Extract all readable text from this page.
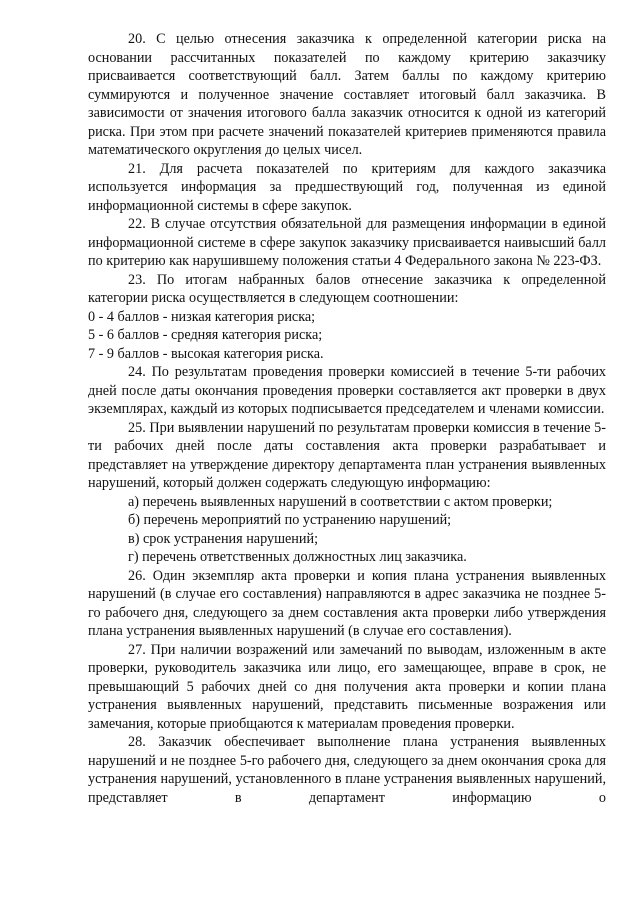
20. С целью отнесения заказчика к определенной категории риска на основании рассчитанных показателей по каждому критерию заказчику присваивается соответствующий балл. Затем баллы по каждому критерию суммируются и полученное значение составляет итоговый балл заказчика. В зависимости от значения итогового балла заказчик относится к одной из категорий риска. При этом при расчете значений показателей критериев применяются правила математического округления до целых чисел.

21. Для расчета показателей по критериям для каждого заказчика используется информация за предшествующий год, полученная из единой информационной системы в сфере закупок.

22. В случае отсутствия обязательной для размещения информации в единой информационной системе в сфере закупок заказчику присваивается наивысший балл по критерию как нарушившему положения статьи 4 Федерального закона № 223-ФЗ.

23. По итогам набранных балов отнесение заказчика к определенной категории риска осуществляется в следующем соотношении:

0 - 4 баллов - низкая категория риска;

5 - 6 баллов - средняя категория риска;

7 - 9 баллов - высокая категория риска.

24. По результатам проведения проверки комиссией в течение 5-ти рабочих дней после даты окончания проведения проверки составляется акт проверки в двух экземплярах, каждый из которых подписывается председателем и членами комиссии.

25. При выявлении нарушений по результатам проверки комиссия в течение 5-ти рабочих дней после даты составления акта проверки разрабатывает и представляет на утверждение директору департамента план устранения выявленных нарушений, который должен содержать следующую информацию:

а) перечень выявленных нарушений в соответствии с актом проверки;

б) перечень мероприятий по устранению нарушений;

в) срок устранения нарушений;

г) перечень ответственных должностных лиц заказчика.

26. Один экземпляр акта проверки и копия плана устранения выявленных нарушений (в случае его составления) направляются в адрес заказчика не позднее 5-го рабочего дня, следующего за днем составления акта проверки либо утверждения плана устранения выявленных нарушений (в случае его составления).

27. При наличии возражений или замечаний по выводам, изложенным в акте проверки, руководитель заказчика или лицо, его замещающее, вправе в срок, не превышающий 5 рабочих дней со дня получения акта проверки и копии плана устранения выявленных нарушений, представить письменные возражения или замечания, которые приобщаются к материалам проведения проверки.

28. Заказчик обеспечивает выполнение плана устранения выявленных нарушений и не позднее 5-го рабочего дня, следующего за днем окончания срока для устранения нарушений, установленного в плане устранения выявленных нарушений, представляет в департамент информацию о
